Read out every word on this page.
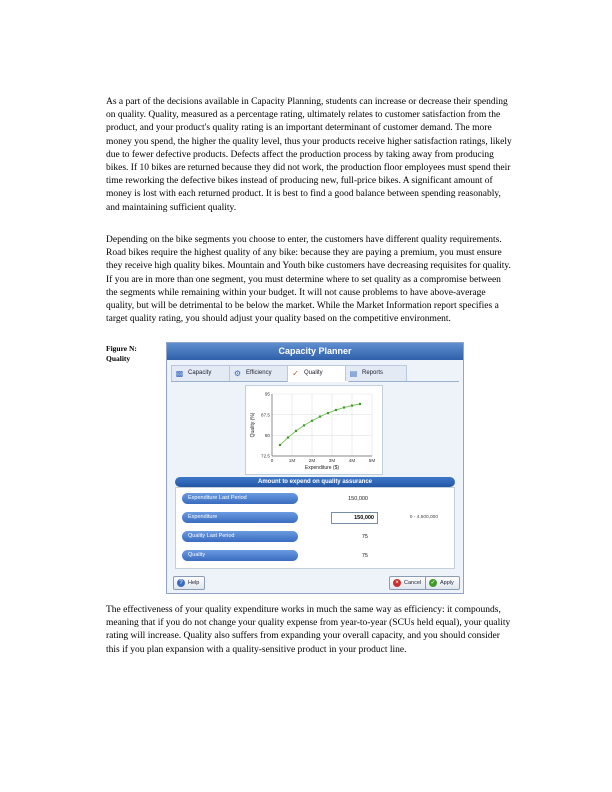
As a part of the decisions available in Capacity Planning, students can increase or decrease their spending on quality. Quality, measured as a percentage rating, ultimately relates to customer satisfaction from the product, and your product's quality rating is an important determinant of customer demand. The more money you spend, the higher the quality level, thus your products receive higher satisfaction ratings, likely due to fewer defective products. Defects affect the production process by taking away from producing bikes. If 10 bikes are returned because they did not work, the production floor employees must spend their time reworking the defective bikes instead of producing new, full-price bikes. A significant amount of money is lost with each returned product. It is best to find a good balance between spending reasonably, and maintaining sufficient quality.

Depending on the bike segments you choose to enter, the customers have different quality requirements. Road bikes require the highest quality of any bike: because they are paying a premium, you must ensure they receive high quality bikes. Mountain and Youth bike customers have decreasing requisites for quality. If you are in more than one segment, you must determine where to set quality as a compromise between the segments while remaining within your budget. It will not cause problems to have above-average quality, but will be detrimental to be below the market. While the Market Information report specifies a target quality rating, you should adjust your quality based on the competitive environment.

Figure N:
Quality
Capacity Planner
▩ Capacity	⚙ Efficiency	✓ Quality	▤ Reports
72.5
80
87.5
95
0	1M	2M	3M	4M	5M
Expenditure ($)
Quality (%)
Amount to expend on quality assurance
Expenditure Last Period	150,000
Expenditure	150,000	0 - 4,500,000
Quality Last Period	75
Quality	75
? Help	× Cancel	✓ Apply

The effectiveness of your quality expenditure works in much the same way as efficiency: it compounds, meaning that if you do not change your quality expense from year-to-year (SCUs held equal), your quality rating will increase. Quality also suffers from expanding your overall capacity, and you should consider this if you plan expansion with a quality-sensitive product in your product line.
